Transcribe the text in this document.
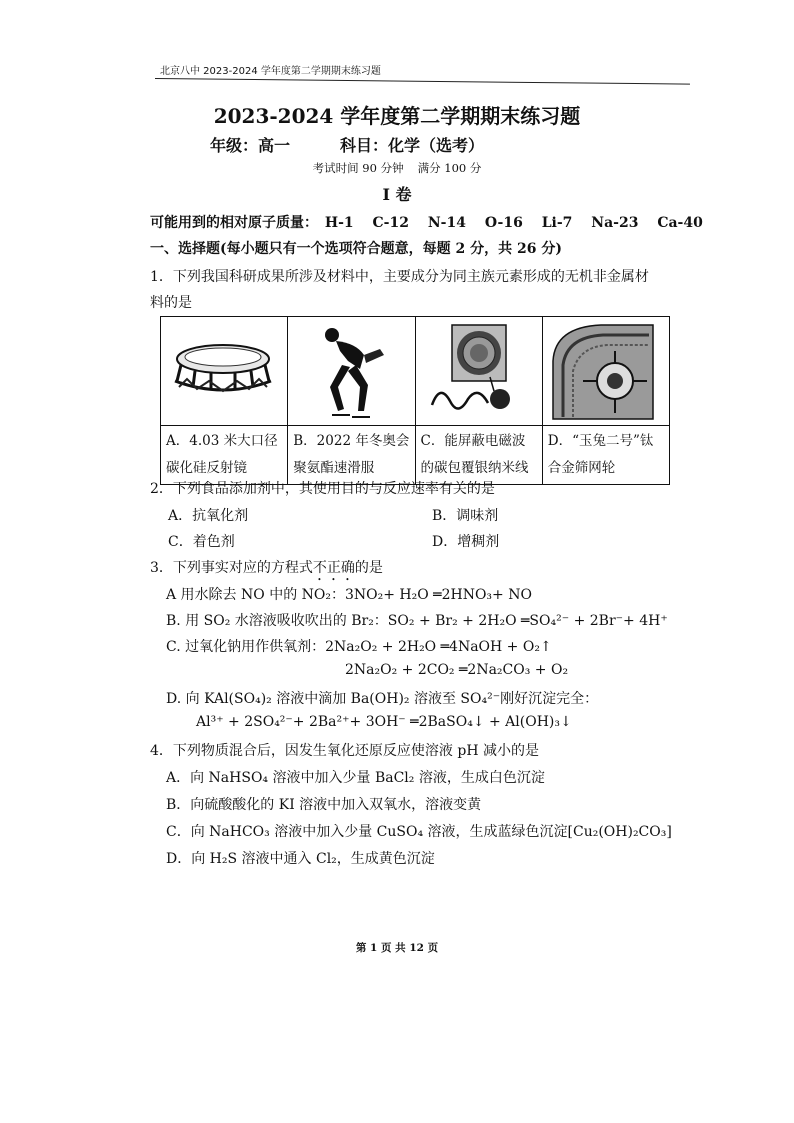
北京八中 2023-2024 学年度第二学期期末练习题
2023-2024 学年度第二学期期末练习题
年级：高一	科目：化学（选考）
考试时间 90 分钟 满分 100 分
I 卷
可能用到的相对原子质量： H-1 C-12 N-14 O-16 Li-7 Na-23 Ca-40
一、选择题(每小题只有一个选项符合题意，每题 2 分，共 26 分)
1．下列我国科研成果所涉及材料中，主要成分为同主族元素形成的无机非金属材
料的是
A．4.03 米大口径碳化硅反射镜

B．2022 年冬奥会聚氨酯速滑服

C．能屏蔽电磁波的碳包覆银纳米线

D．“玉兔二号”钛合金筛网轮
2．下列食品添加剂中，其使用目的与反应速率有关的是
A．抗氧化剂	B．调味剂
C．着色剂	D．增稠剂
3．下列事实对应的方程式不正确的是
A 用水除去 NO 中的 NO₂：3NO₂+ H₂O ═2HNO₃+ NO
B. 用 SO₂ 水溶液吸收吹出的 Br₂：SO₂ + Br₂ + 2H₂O ═SO₄²⁻ + 2Br⁻+ 4H⁺
C. 过氧化钠用作供氧剂：2Na₂O₂ + 2H₂O ═4NaOH + O₂↑
2Na₂O₂ + 2CO₂ ═2Na₂CO₃ + O₂
D. 向 KAl(SO₄)₂ 溶液中滴加 Ba(OH)₂ 溶液至 SO₄²⁻刚好沉淀完全：
Al³⁺ + 2SO₄²⁻+ 2Ba²⁺+ 3OH⁻ ═2BaSO₄↓ + Al(OH)₃↓
4．下列物质混合后，因发生氧化还原反应使溶液 pH 减小的是
A．向 NaHSO₄ 溶液中加入少量 BaCl₂ 溶液，生成白色沉淀
B．向硫酸酸化的 KI 溶液中加入双氧水，溶液变黄
C．向 NaHCO₃ 溶液中加入少量 CuSO₄ 溶液，生成蓝绿色沉淀[Cu₂(OH)₂CO₃]
D．向 H₂S 溶液中通入 Cl₂，生成黄色沉淀
第 1 页 共 12 页
